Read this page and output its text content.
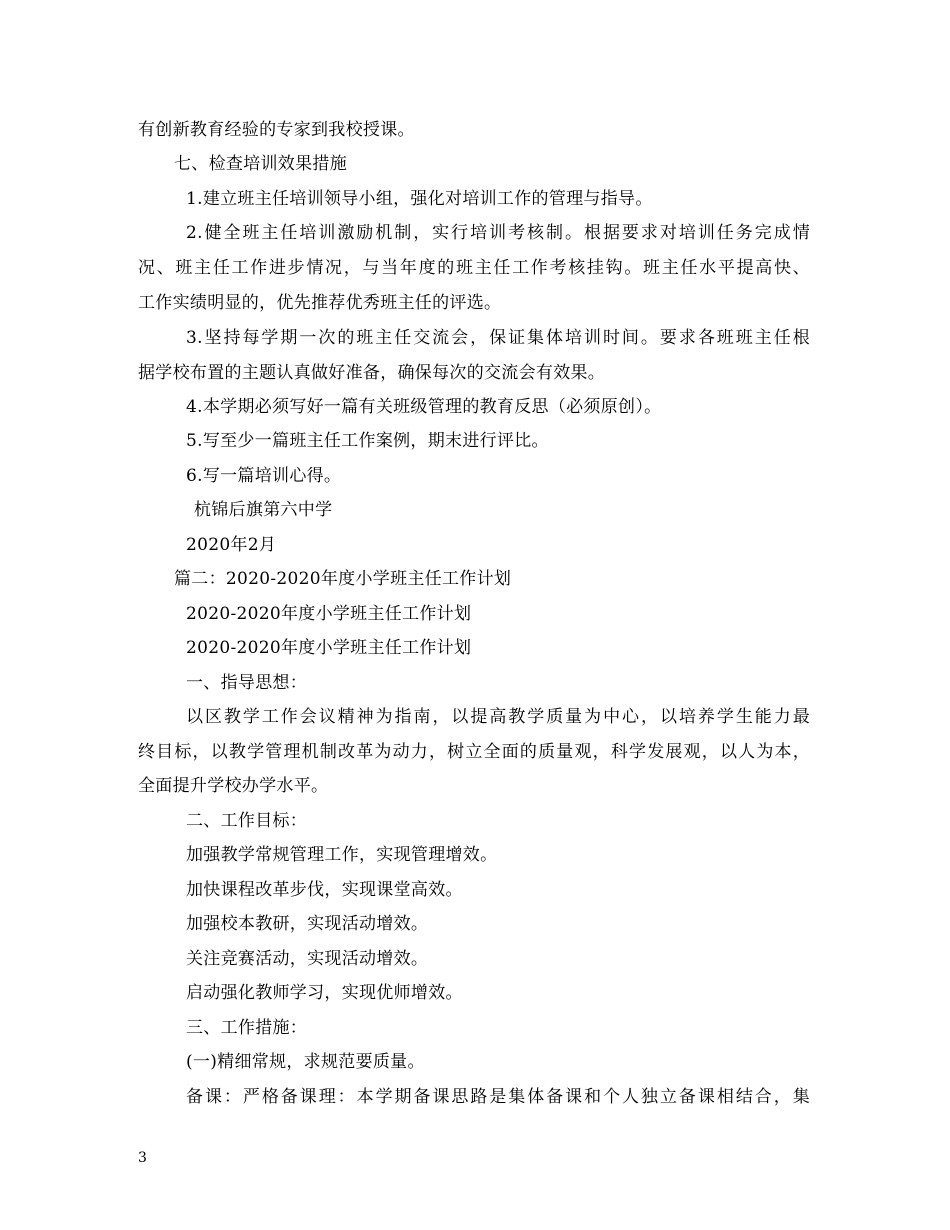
有创新教育经验的专家到我校授课。
七、检查培训效果措施
1.建立班主任培训领导小组，强化对培训工作的管理与指导。
2.健全班主任培训激励机制，实行培训考核制。根据要求对培训任务完成情
况、班主任工作进步情况，与当年度的班主任工作考核挂钩。班主任水平提高快、
工作实绩明显的，优先推荐优秀班主任的评选。
3.坚持每学期一次的班主任交流会，保证集体培训时间。要求各班班主任根
据学校布置的主题认真做好准备，确保每次的交流会有效果。
4.本学期必须写好一篇有关班级管理的教育反思（必须原创）。
5.写至少一篇班主任工作案例，期末进行评比。
6.写一篇培训心得。
杭锦后旗第六中学
2020年2月
篇二：2020-2020年度小学班主任工作计划
2020-2020年度小学班主任工作计划
2020-2020年度小学班主任工作计划
一、指导思想：
以区教学工作会议精神为指南，以提高教学质量为中心，以培养学生能力最
终目标，以教学管理机制改革为动力，树立全面的质量观，科学发展观，以人为本，
全面提升学校办学水平。
二、工作目标：
加强教学常规管理工作，实现管理增效。
加快课程改革步伐，实现课堂高效。
加强校本教研，实现活动增效。
关注竞赛活动，实现活动增效。
启动强化教师学习，实现优师增效。
三、工作措施：
(一)精细常规，求规范要质量。
备课：严格备课理：本学期备课思路是集体备课和个人独立备课相结合，集
3
